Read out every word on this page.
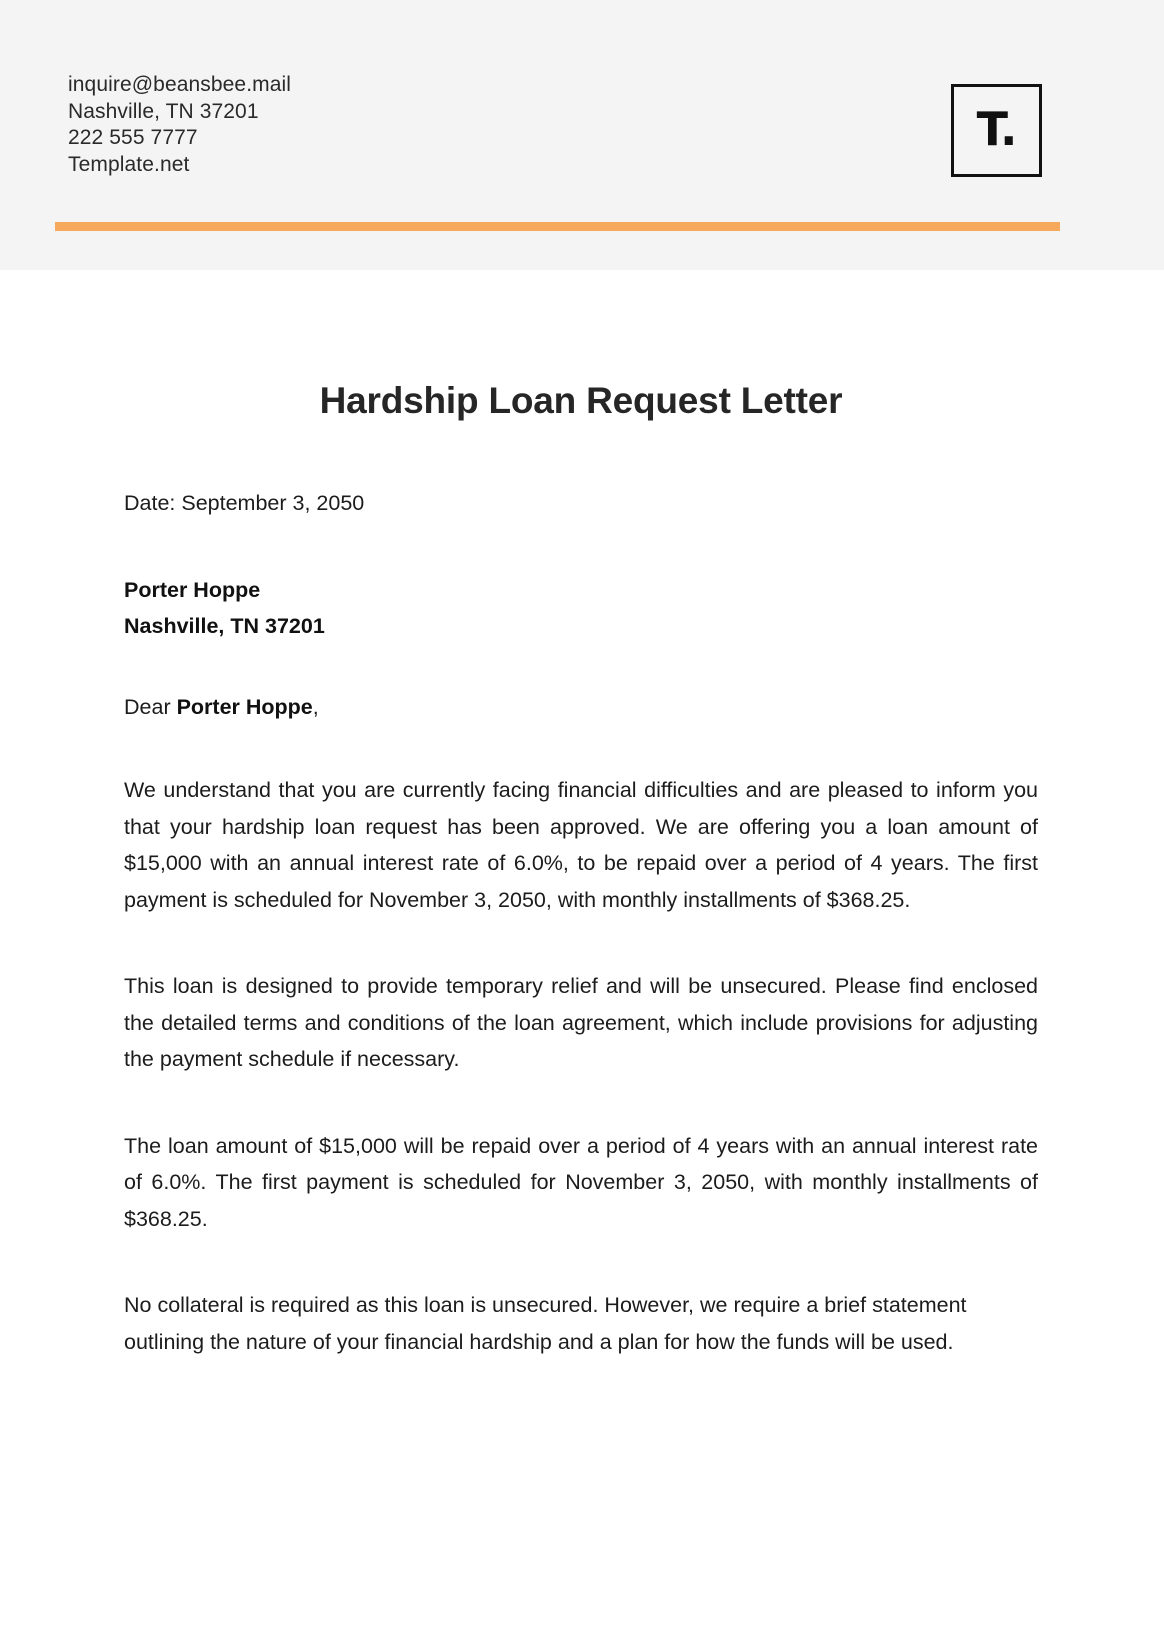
inquire@beansbee.mail
Nashville, TN 37201
222 555 7777
Template.net
T.
Hardship Loan Request Letter

Date: September 3, 2050

Porter Hoppe
Nashville, TN 37201

Dear Porter Hoppe,

We understand that you are currently facing financial difficulties and are pleased to inform you that your hardship loan request has been approved. We are offering you a loan amount of $15,000 with an annual interest rate of 6.0%, to be repaid over a period of 4 years. The first payment is scheduled for November 3, 2050, with monthly installments of $368.25.

This loan is designed to provide temporary relief and will be unsecured. Please find enclosed the detailed terms and conditions of the loan agreement, which include provisions for adjusting the payment schedule if necessary.

The loan amount of $15,000 will be repaid over a period of 4 years with an annual interest rate of 6.0%. The first payment is scheduled for November 3, 2050, with monthly installments of $368.25.

No collateral is required as this loan is unsecured. However, we require a brief statement outlining the nature of your financial hardship and a plan for how the funds will be used.
